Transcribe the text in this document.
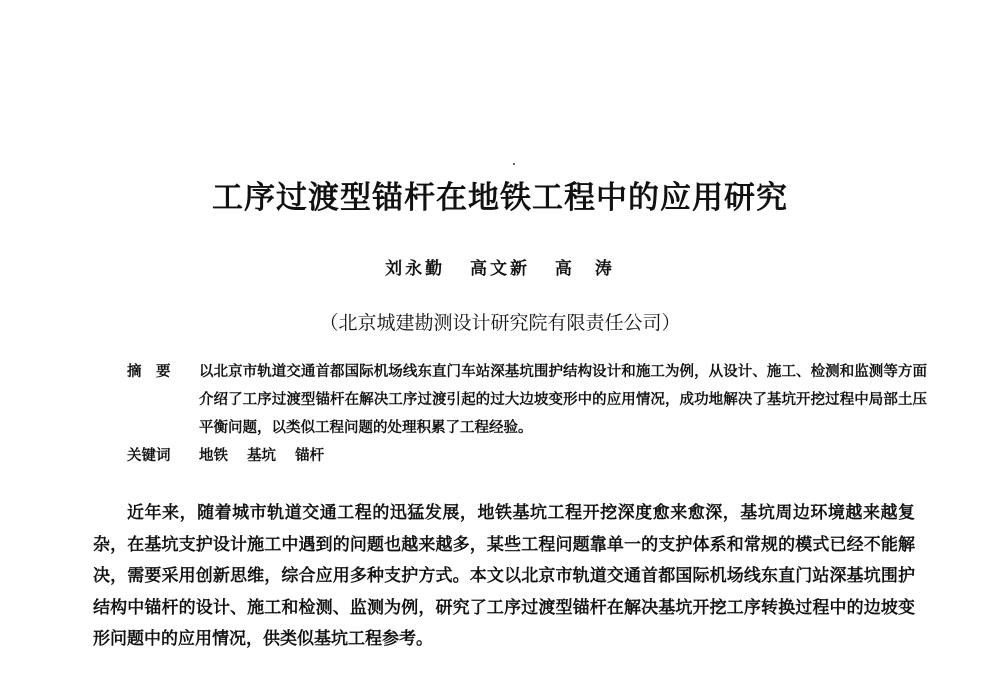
工序过渡型锚杆在地铁工程中的应用研究
刘永勤 高文新 高　涛
（北京城建勘测设计研究院有限责任公司）
摘　要	以北京市轨道交通首都国际机场线东直门车站深基坑围护结构设计和施工为例，从设计、施工、检测和监测等方面介绍了工序过渡型锚杆在解决工序过渡引起的过大边坡变形中的应用情况，成功地解决了基坑开挖过程中局部土压平衡问题，以类似工程问题的处理积累了工程经验。
关键词	地铁 基坑 锚杆
近年来，随着城市轨道交通工程的迅猛发展，地铁基坑工程开挖深度愈来愈深，基坑周边环境越来越复杂，在基坑支护设计施工中遇到的问题也越来越多，某些工程问题靠单一的支护体系和常规的模式已经不能解决，需要采用创新思维，综合应用多种支护方式。本文以北京市轨道交通首都国际机场线东直门站深基坑围护结构中锚杆的设计、施工和检测、监测为例，研究了工序过渡型锚杆在解决基坑开挖工序转换过程中的边坡变形问题中的应用情况，供类似基坑工程参考。
